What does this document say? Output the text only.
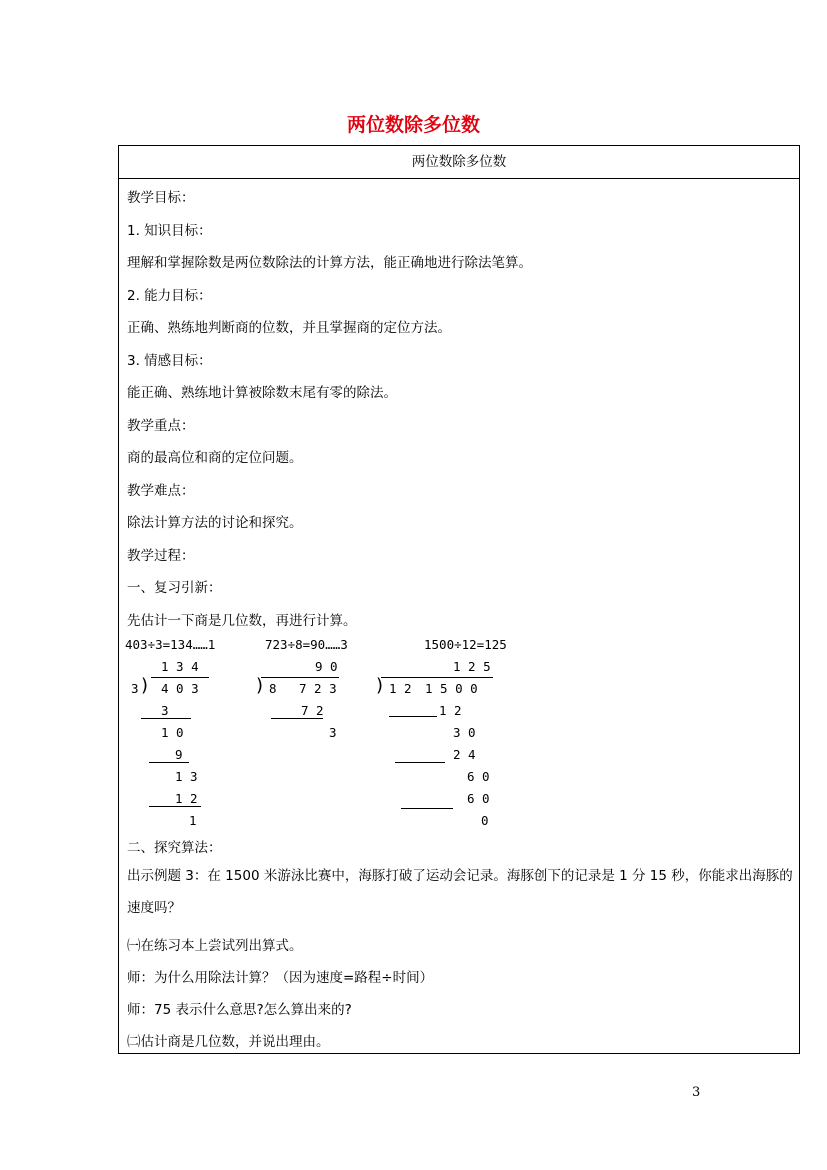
两位数除多位数
两位数除多位数
教学目标：
1. 知识目标：
理解和掌握除数是两位数除法的计算方法，能正确地进行除法笔算。
2. 能力目标：
正确、熟练地判断商的位数，并且掌握商的定位方法。
3. 情感目标：
能正确、熟练地计算被除数末尾有零的除法。
教学重点：
商的最高位和商的定位问题。
教学难点：
除法计算方法的讨论和探究。
教学过程：
一、复习引新：
先估计一下商是几位数，再进行计算。
403÷3=134……1	723÷8=90……3	1500÷12=125
1 3 4
3 ) 4 0 3
3
1 0
9
1 3
1 2
1
9 0
) 8 7 2 3
7 2
3
1 2 5
) 1 2 1 5 0 0
1 2
3 0
2 4
6 0
6 0
0
二、探究算法：
出示例题 3：在 1500 米游泳比赛中，海豚打破了运动会记录。海豚创下的记录是 1 分 15 秒，你能求出海豚的速度吗？
㈠在练习本上尝试列出算式。
师：为什么用除法计算？（因为速度=路程÷时间）
师：75 表示什么意思?怎么算出来的?
㈡估计商是几位数，并说出理由。
3
